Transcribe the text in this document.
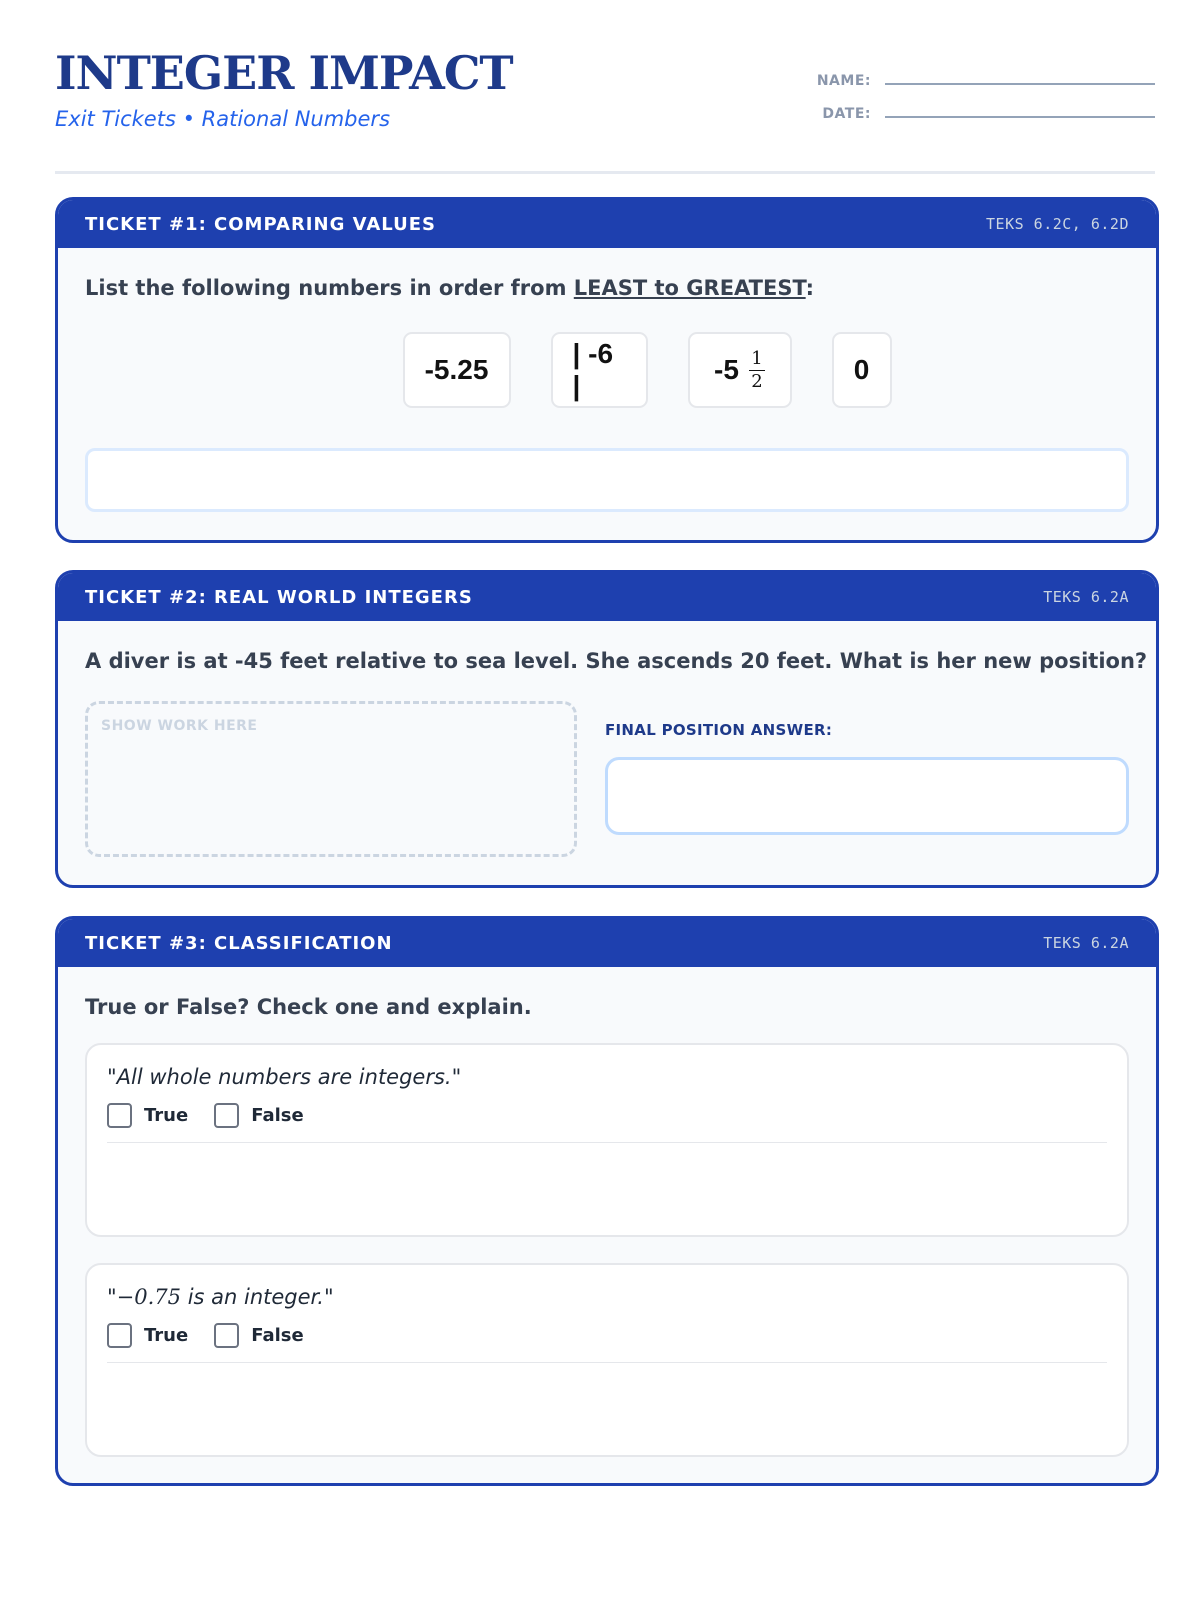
INTEGER IMPACT
Exit Tickets • Rational Numbers
NAME:
DATE:
TICKET #1: COMPARING VALUES	TEKS 6.2C, 6.2D
List the following numbers in order from LEAST to GREATEST:
-5.25
| -6 |
$-5 \frac{1}{2}$	0
TICKET #2: REAL WORLD INTEGERS	TEKS 6.2A
A diver is at -45 feet relative to sea level. She ascends 20 feet. What is her new position?
SHOW WORK HERE	FINAL POSITION ANSWER:
TICKET #3: CLASSIFICATION	TEKS 6.2A
True or False? Check one and explain.
"All whole numbers are integers."
True	False
"−0.75 is an integer."
True	False
